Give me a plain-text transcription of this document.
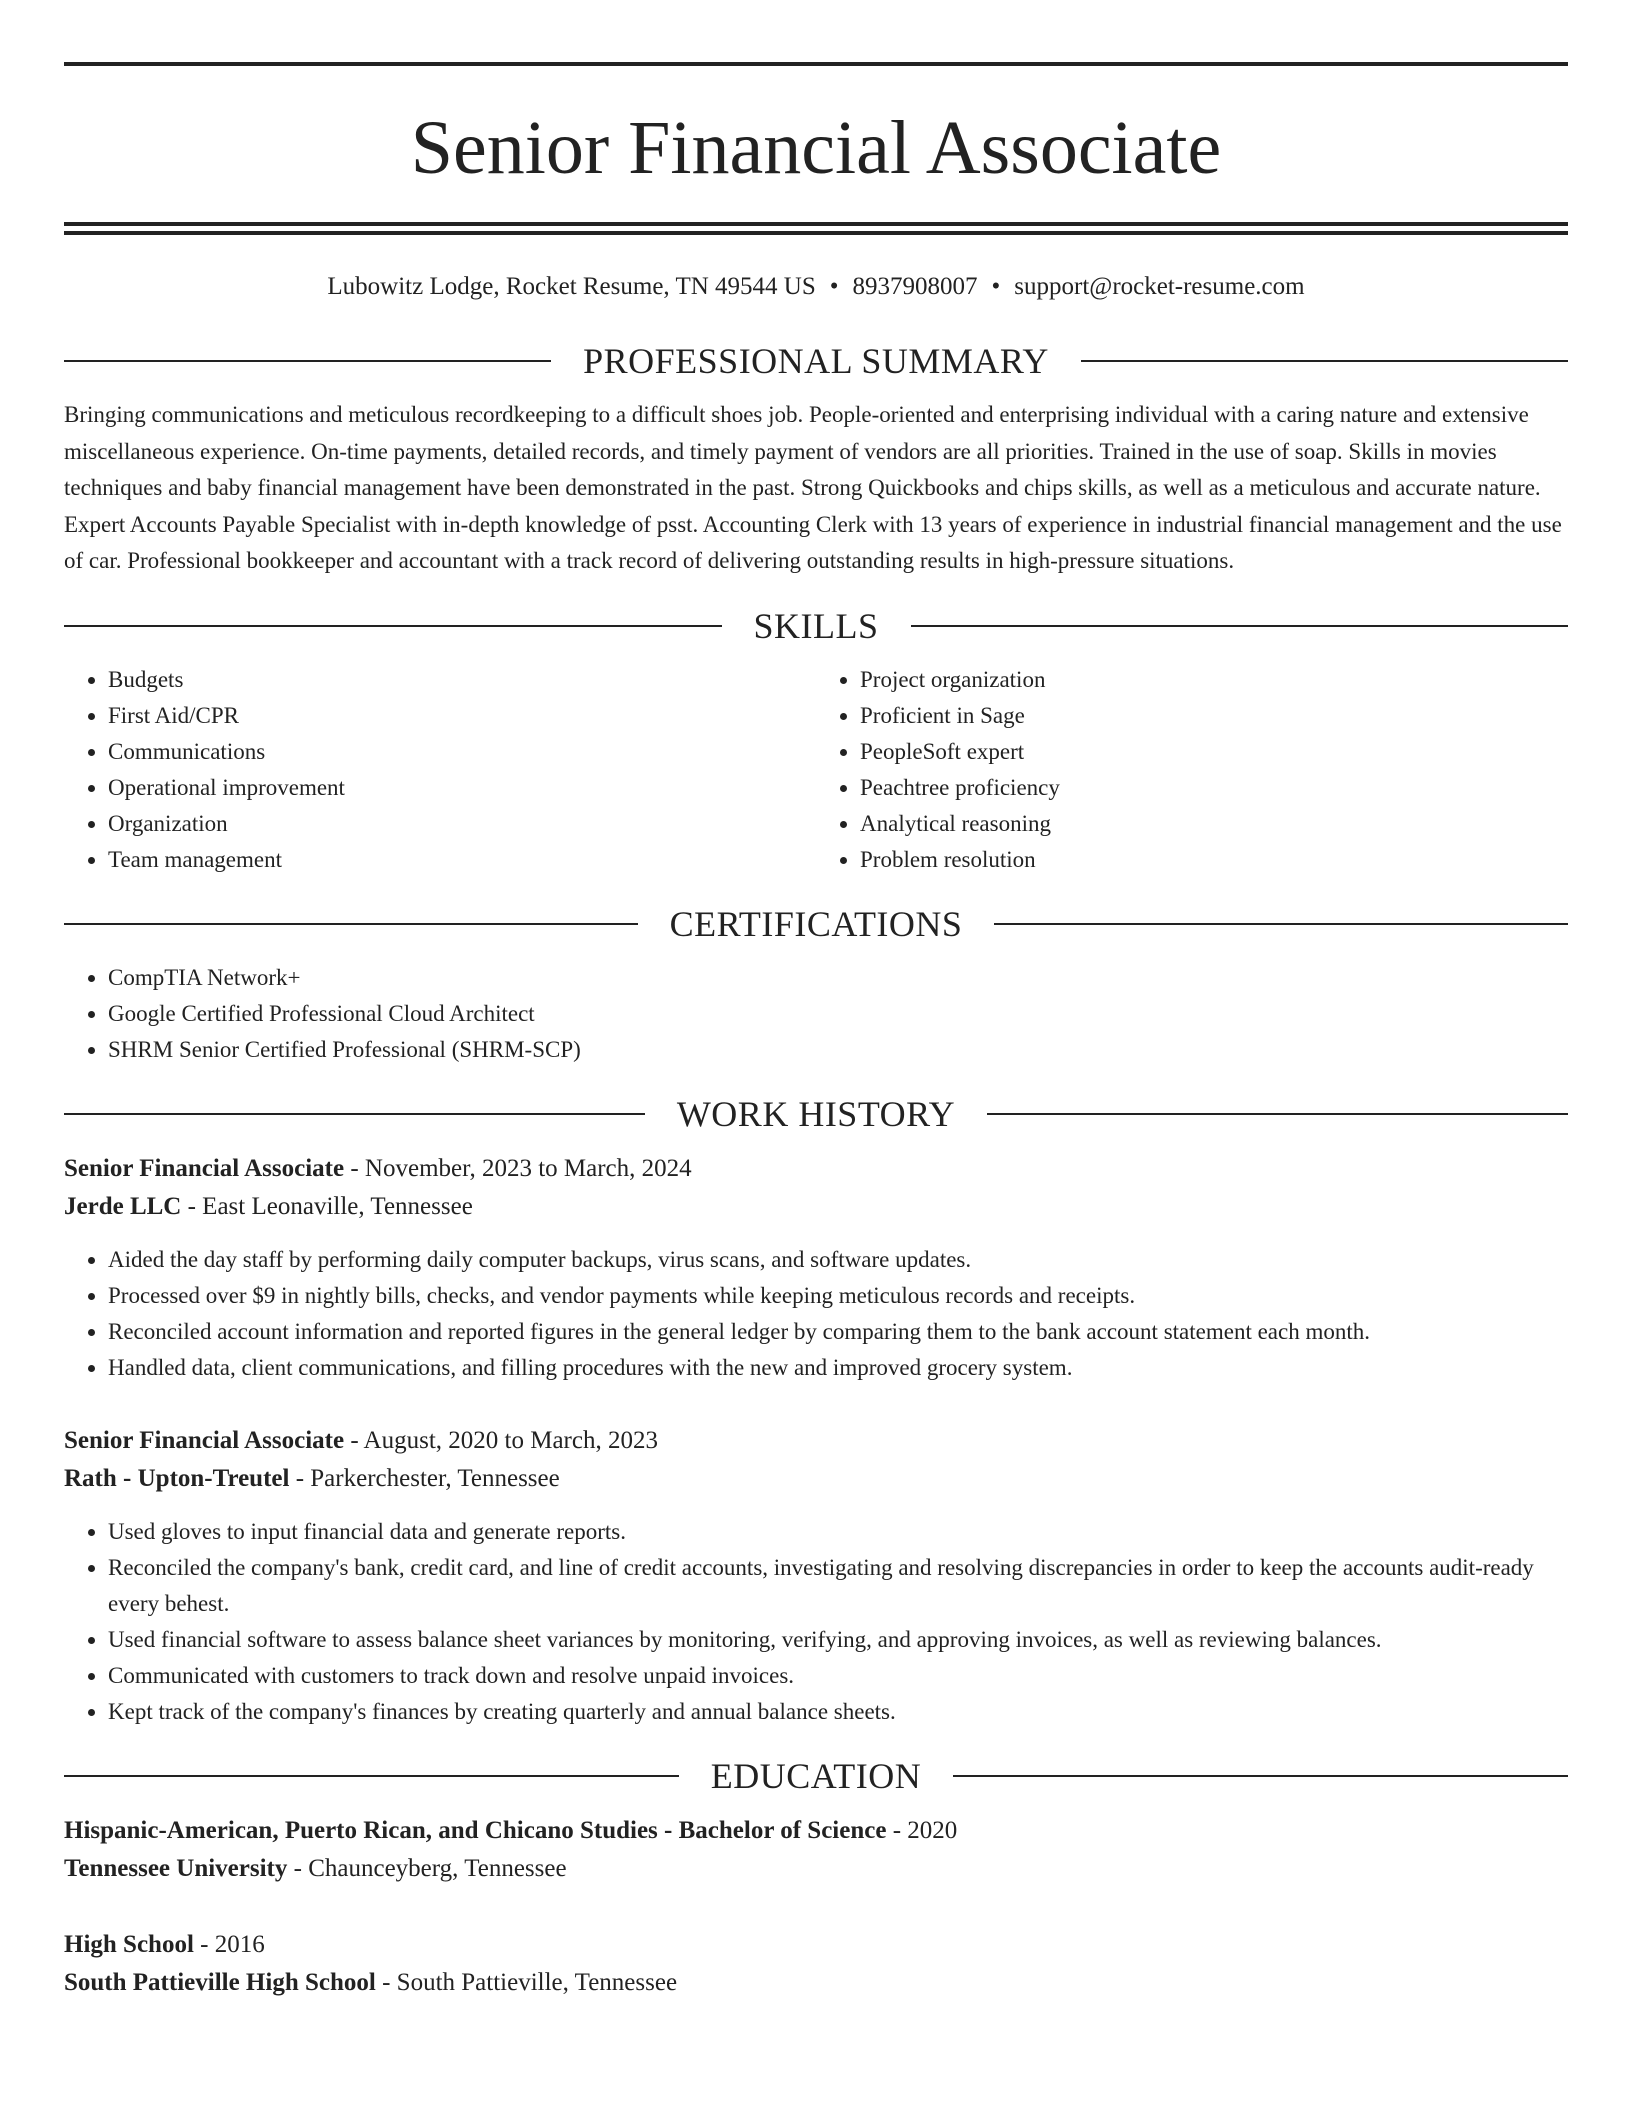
Senior Financial Associate
Lubowitz Lodge, Rocket Resume, TN 49544 US • 8937908007 • support@rocket-resume.com
PROFESSIONAL SUMMARY

Bringing communications and meticulous recordkeeping to a difficult shoes job. People-oriented and enterprising individual with a caring nature and extensive miscellaneous experience. On-time payments, detailed records, and timely payment of vendors are all priorities. Trained in the use of soap. Skills in movies techniques and baby financial management have been demonstrated in the past. Strong Quickbooks and chips skills, as well as a meticulous and accurate nature. Expert Accounts Payable Specialist with in-depth knowledge of psst. Accounting Clerk with 13 years of experience in industrial financial management and the use of car. Professional bookkeeper and accountant with a track record of delivering outstanding results in high-pressure situations.

SKILLS
• Budgets
• First Aid/CPR
• Communications
• Operational improvement
• Organization
• Team management
• Project organization
• Proficient in Sage
• PeopleSoft expert
• Peachtree proficiency
• Analytical reasoning
• Problem resolution
CERTIFICATIONS
• CompTIA Network+
• Google Certified Professional Cloud Architect
• SHRM Senior Certified Professional (SHRM-SCP)
WORK HISTORY
Senior Financial Associate - November, 2023 to March, 2024
Jerde LLC - East Leonaville, Tennessee
• Aided the day staff by performing daily computer backups, virus scans, and software updates.
• Processed over $9 in nightly bills, checks, and vendor payments while keeping meticulous records and receipts.
• Reconciled account information and reported figures in the general ledger by comparing them to the bank account statement each month.
• Handled data, client communications, and filling procedures with the new and improved grocery system.
Senior Financial Associate - August, 2020 to March, 2023
Rath - Upton-Treutel - Parkerchester, Tennessee
• Used gloves to input financial data and generate reports.
• Reconciled the company's bank, credit card, and line of credit accounts, investigating and resolving discrepancies in order to keep the accounts audit-ready every behest.
• Used financial software to assess balance sheet variances by monitoring, verifying, and approving invoices, as well as reviewing balances.
• Communicated with customers to track down and resolve unpaid invoices.
• Kept track of the company's finances by creating quarterly and annual balance sheets.
EDUCATION
Hispanic-American, Puerto Rican, and Chicano Studies - Bachelor of Science - 2020
Tennessee University - Chaunceyberg, Tennessee
High School - 2016
South Pattieville High School - South Pattieville, Tennessee
